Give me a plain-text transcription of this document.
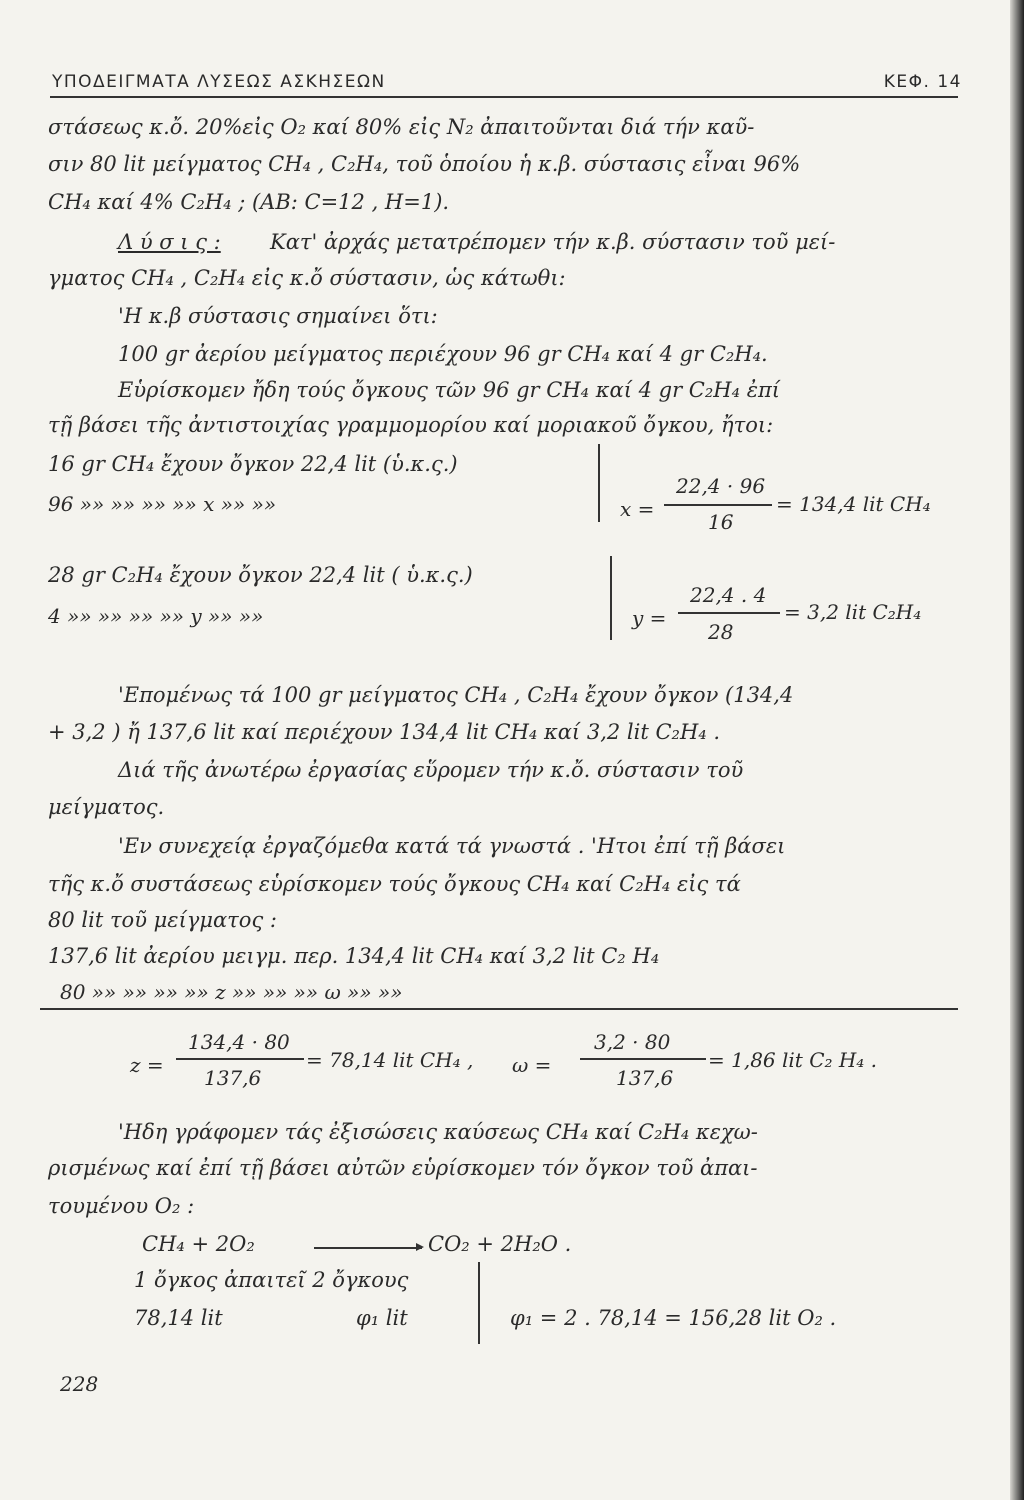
ΥΠΟΔΕΙΓΜΑΤΑ ΛΥΣΕΩΣ ΑΣΚΗΣΕΩΝ	ΚΕΦ. 14
στάσεως κ.ὄ. 20%εἰς O₂ καί 80% εἰς N₂ ἀπαιτοῦνται διά τήν καῦ-
σιν 80 lit μείγματος CH₄ , C₂H₄, τοῦ ὁποίου ἡ κ.β. σύστασις εἶναι 96%
CH₄ καί 4% C₂H₄ ; (ΑΒ: C=12 , H=1).
Λ ύ σ ι ς : Κατ' ἀρχάς μετατρέπομεν τήν κ.β. σύστασιν τοῦ μεί-
γματος CH₄ , C₂H₄ εἰς κ.ὄ σύστασιν, ὡς κάτωθι:
'Η κ.β σύστασις σημαίνει ὅτι:
100 gr ἀερίου μείγματος περιέχουν 96 gr CH₄ καί 4 gr C₂H₄.
Εὑρίσκομεν ἤδη τούς ὄγκους τῶν 96 gr CH₄ καί 4 gr C₂H₄ ἐπί
τῇ βάσει τῆς ἀντιστοιχίας γραμμομορίου καί μοριακοῦ ὄγκου, ἤτοι:
16 gr CH₄ ἔχουν ὄγκον 22,4 lit (ὑ.κ.ς.)
96 »» »» »» »» x »» »»	x =
22,4 · 96
16
= 134,4 lit CH₄
28 gr C₂H₄ ἔχουν ὄγκον 22,4 lit ( ὑ.κ.ς.)
4 »» »» »» »» y »» »»	y =
22,4 . 4
28
= 3,2 lit C₂H₄
'Επομένως τά 100 gr μείγματος CH₄ , C₂H₄ ἔχουν ὄγκον (134,4
+ 3,2 ) ἤ 137,6 lit καί περιέχουν 134,4 lit CH₄ καί 3,2 lit C₂H₄ .
Διά τῆς ἀνωτέρω ἐργασίας εὕρομεν τήν κ.ὄ. σύστασιν τοῦ
μείγματος.
'Εν συνεχείᾳ ἐργαζόμεθα κατά τά γνωστά . 'Ητοι ἐπί τῇ βάσει
τῆς κ.ὄ συστάσεως εὑρίσκομεν τούς ὄγκους CH₄ καί C₂H₄ εἰς τά
80 lit τοῦ μείγματος :
137,6 lit ἀερίου μειγμ. περ. 134,4 lit CH₄ καί 3,2 lit C₂ H₄
80 »» »» »» »» z »» »» »» ω »» »»
z =
134,4 · 80
137,6
= 78,14 lit CH₄ , ω =
3,2 · 80
137,6
= 1,86 lit C₂ H₄ .
'Ηδη γράφομεν τάς ἐξισώσεις καύσεως CH₄ καί C₂H₄ κεχω-
ρισμένως καί ἐπί τῇ βάσει αὐτῶν εὑρίσκομεν τόν ὄγκον τοῦ ἀπαι-
τουμένου O₂ :
CH₄ + 2O₂	CO₂ + 2H₂O .
1 ὄγκος ἀπαιτεῖ 2 ὄγκους
78,14 lit	φ₁ lit	φ₁ = 2 . 78,14 = 156,28 lit O₂ .
228
